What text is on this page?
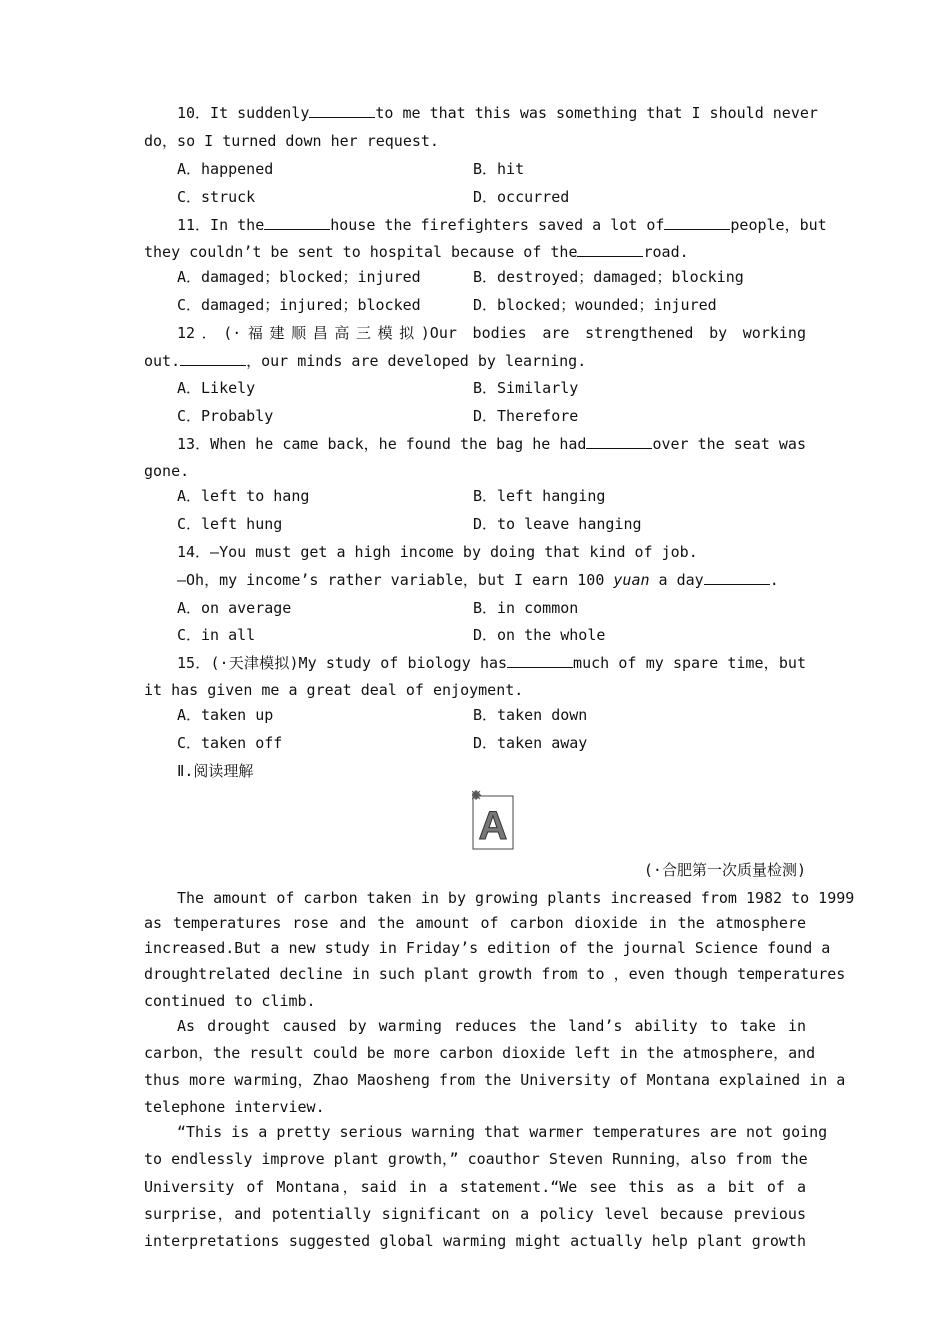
10．It suddenly	to me that this was something that I should never
do，so I turned down her request.
A．happened	B．hit
C．struck	D．occurred
11．In the	house the firefighters saved a lot of	people，but
they couldn’t be sent to hospital because of the	road.
A．damaged；blocked；injured	B．destroyed；damaged；blocking
C．damaged；injured；blocked	D．blocked；wounded；injured
12．(·福建顺昌高三模拟)Our bodies are strengthened by working
out.	，our minds are developed by learning.
A．Likely	B．Similarly
C．Probably	D．Therefore
13．When he came back，he found the bag he had	over the seat was
gone.
A．left to hang	B．left hanging
C．left hung	D．to leave hanging
14．—You must get a high income by doing that kind of job.
—Oh，my income’s rather variable，but I earn 100 yuan a day	.
A．on average	B．in common
C．in all	D．on the whole
15．(·天津模拟)My study of biology has	much of my spare time，but
it has given me a great deal of enjoyment.
A．taken up	B．taken down
C．taken off	D．taken away
Ⅱ.阅读理解
A
(·合肥第一次质量检测)
The amount of carbon taken in by growing plants increased from 1982 to 1999
as temperatures rose and the amount of carbon dioxide in the atmosphere
increased.But a new study in Friday’s edition of the journal Science found a
droughtrelated decline in such plant growth from to ，even though temperatures
continued to climb.
As drought caused by warming reduces the land’s ability to take in
carbon，the result could be more carbon dioxide left in the atmosphere，and
thus more warming，Zhao Maosheng from the University of Montana explained in a
telephone interview.
“This is a pretty serious warning that warmer temperatures are not going
to endlessly improve plant growth，” coauthor Steven Running，also from the
University of Montana，said in a statement.“We see this as a bit of a
surprise，and potentially significant on a policy level because previous
interpretations suggested global warming might actually help plant growth
